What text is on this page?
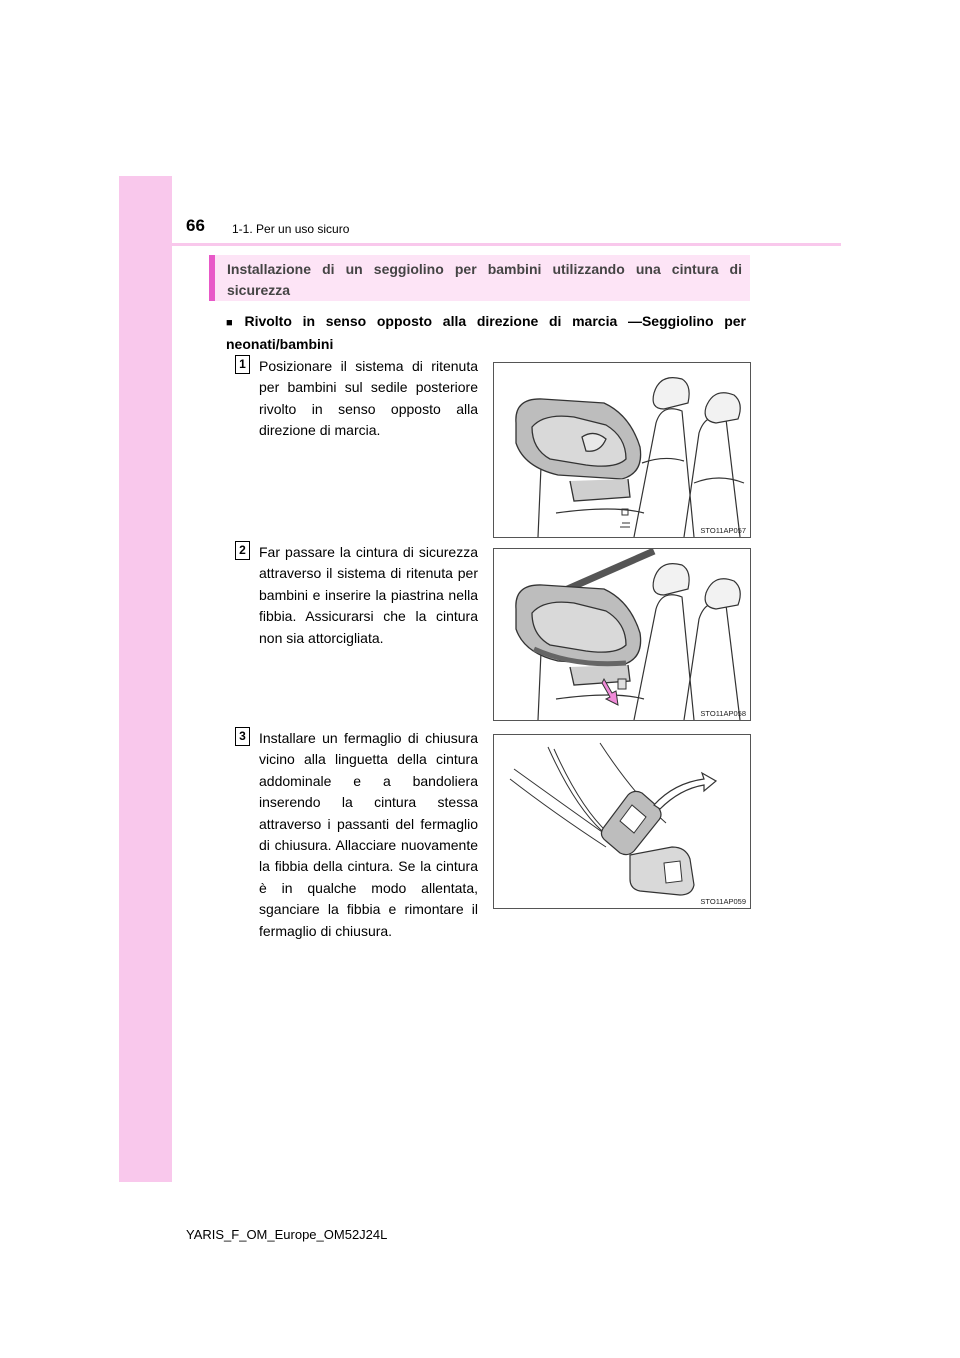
66 1-1. Per un uso sicuro
Installazione di un seggiolino per bambini utilizzando una cintura di sicurezza
■ Rivolto in senso opposto alla direzione di marcia —Seggiolino per neonati/bambini
1 Posizionare il sistema di ritenuta per bambini sul sedile posteriore rivolto in senso opposto alla direzione di marcia.
STO11AP057
2 Far passare la cintura di sicurezza attraverso il sistema di ritenuta per bambini e inserire la piastrina nella fibbia. Assicurarsi che la cintura non sia attorcigliata.
STO11AP058
3 Installare un fermaglio di chiusura vicino alla linguetta della cintura addominale e a bandoliera inserendo la cintura stessa attraverso i passanti del fermaglio di chiusura. Allacciare nuovamente la fibbia della cintura. Se la cintura è in qualche modo allentata, sganciare la fibbia e rimontare il fermaglio di chiusura.
STO11AP059
YARIS_F_OM_Europe_OM52J24L
